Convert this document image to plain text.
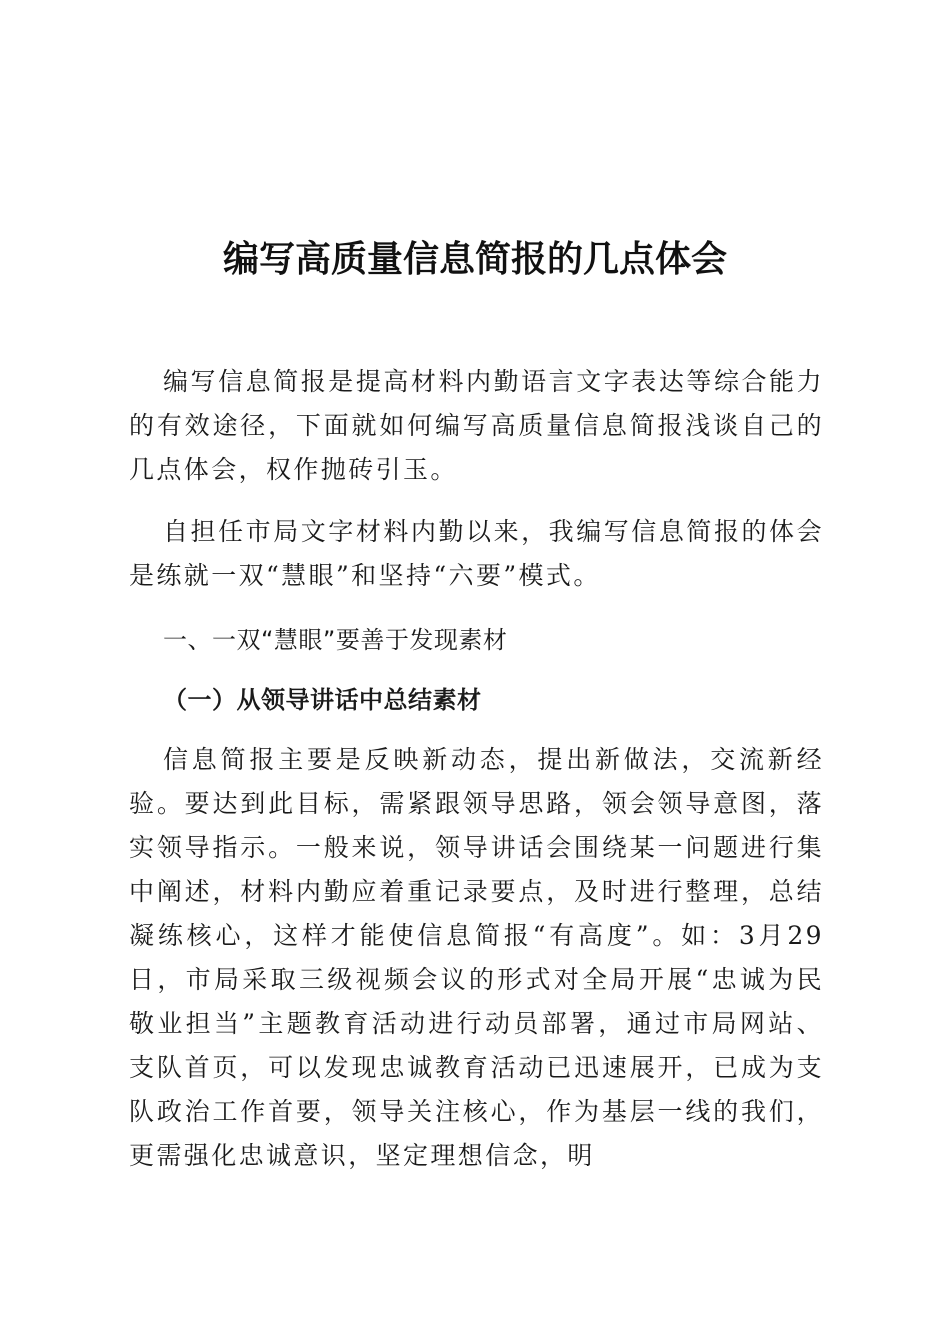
编写高质量信息简报的几点体会

编写信息简报是提高材料内勤语言文字表达等综合能力的有效途径，下面就如何编写高质量信息简报浅谈自己的几点体会，权作抛砖引玉。

自担任市局文字材料内勤以来，我编写信息简报的体会是练就一双“慧眼”和坚持“六要”模式。

一、一双“慧眼”要善于发现素材
（一）从领导讲话中总结素材

信息简报主要是反映新动态，提出新做法，交流新经验。要达到此目标，需紧跟领导思路，领会领导意图，落实领导指示。一般来说，领导讲话会围绕某一问题进行集中阐述，材料内勤应着重记录要点，及时进行整理，总结凝练核心，这样才能使信息简报“有高度”。如：3月29日，市局采取三级视频会议的形式对全局开展“忠诚为民 敬业担当”主题教育活动进行动员部署，通过市局网站、支队首页，可以发现忠诚教育活动已迅速展开，已成为支队政治工作首要，领导关注核心，作为基层一线的我们，更需强化忠诚意识，坚定理想信念，明
